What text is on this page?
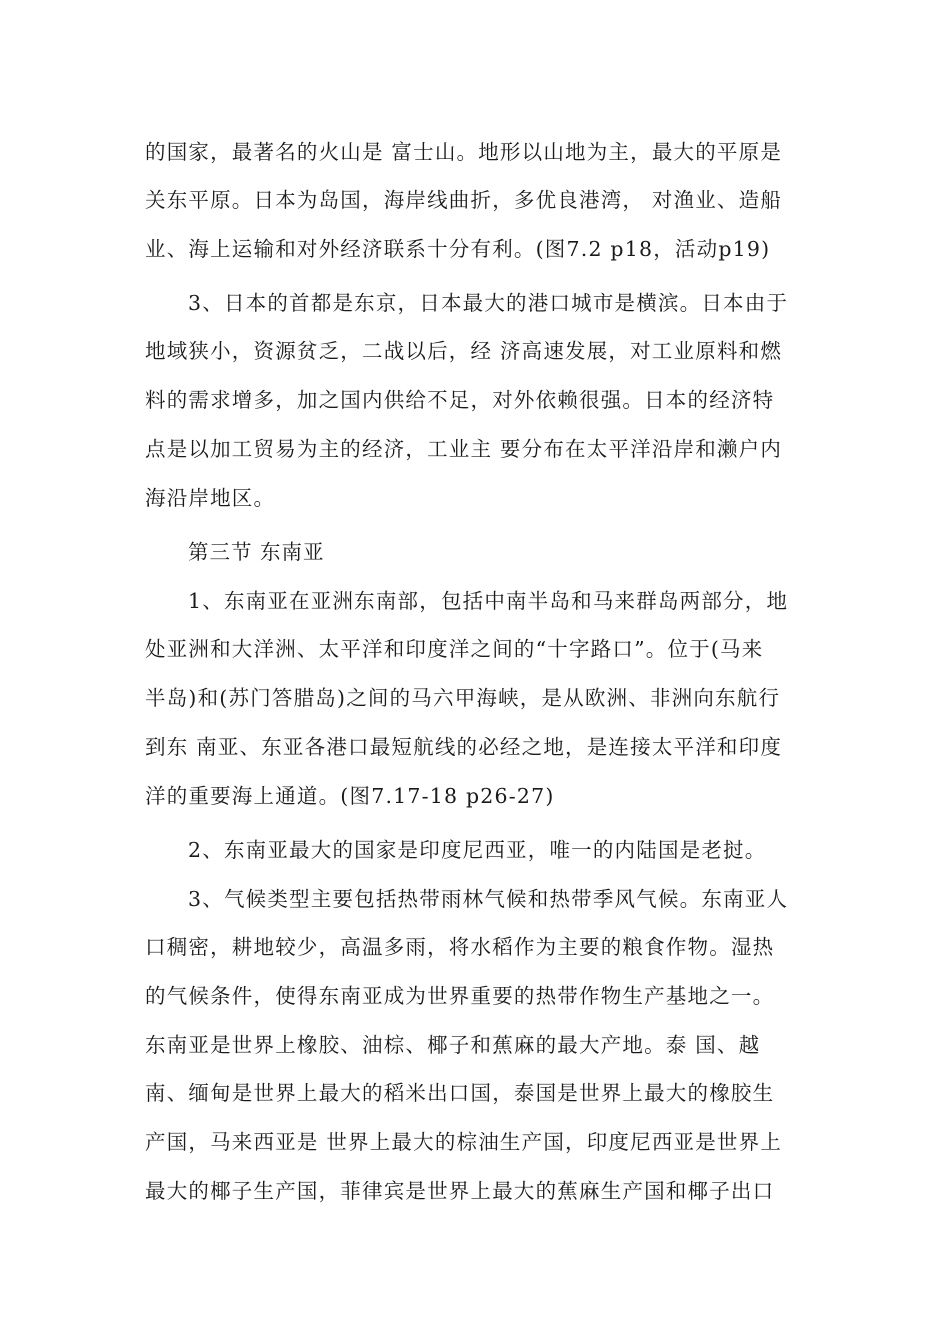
的国家，最著名的火山是 富士山。地形以山地为主，最大的平原是
关东平原。日本为岛国，海岸线曲折，多优良港湾， 对渔业、造船
业、海上运输和对外经济联系十分有利。(图7.2 p18，活动p19)
3、日本的首都是东京，日本最大的港口城市是横滨。日本由于
地域狭小，资源贫乏，二战以后，经 济高速发展，对工业原料和燃
料的需求增多，加之国内供给不足，对外依赖很强。日本的经济特
点是以加工贸易为主的经济，工业主 要分布在太平洋沿岸和濑户内
海沿岸地区。
第三节 东南亚
1、东南亚在亚洲东南部，包括中南半岛和马来群岛两部分，地
处亚洲和大洋洲、太平洋和印度洋之间的“十字路口”。位于(马来
半岛)和(苏门答腊岛)之间的马六甲海峡，是从欧洲、非洲向东航行
到东 南亚、东亚各港口最短航线的必经之地，是连接太平洋和印度
洋的重要海上通道。(图7.17-18 p26-27)
2、东南亚最大的国家是印度尼西亚，唯一的内陆国是老挝。
3、气候类型主要包括热带雨林气候和热带季风气候。东南亚人
口稠密，耕地较少，高温多雨，将水稻作为主要的粮食作物。湿热
的气候条件，使得东南亚成为世界重要的热带作物生产基地之一。
东南亚是世界上橡胶、油棕、椰子和蕉麻的最大产地。泰 国、越
南、缅甸是世界上最大的稻米出口国，泰国是世界上最大的橡胶生
产国，马来西亚是 世界上最大的棕油生产国，印度尼西亚是世界上
最大的椰子生产国，菲律宾是世界上最大的蕉麻生产国和椰子出口
